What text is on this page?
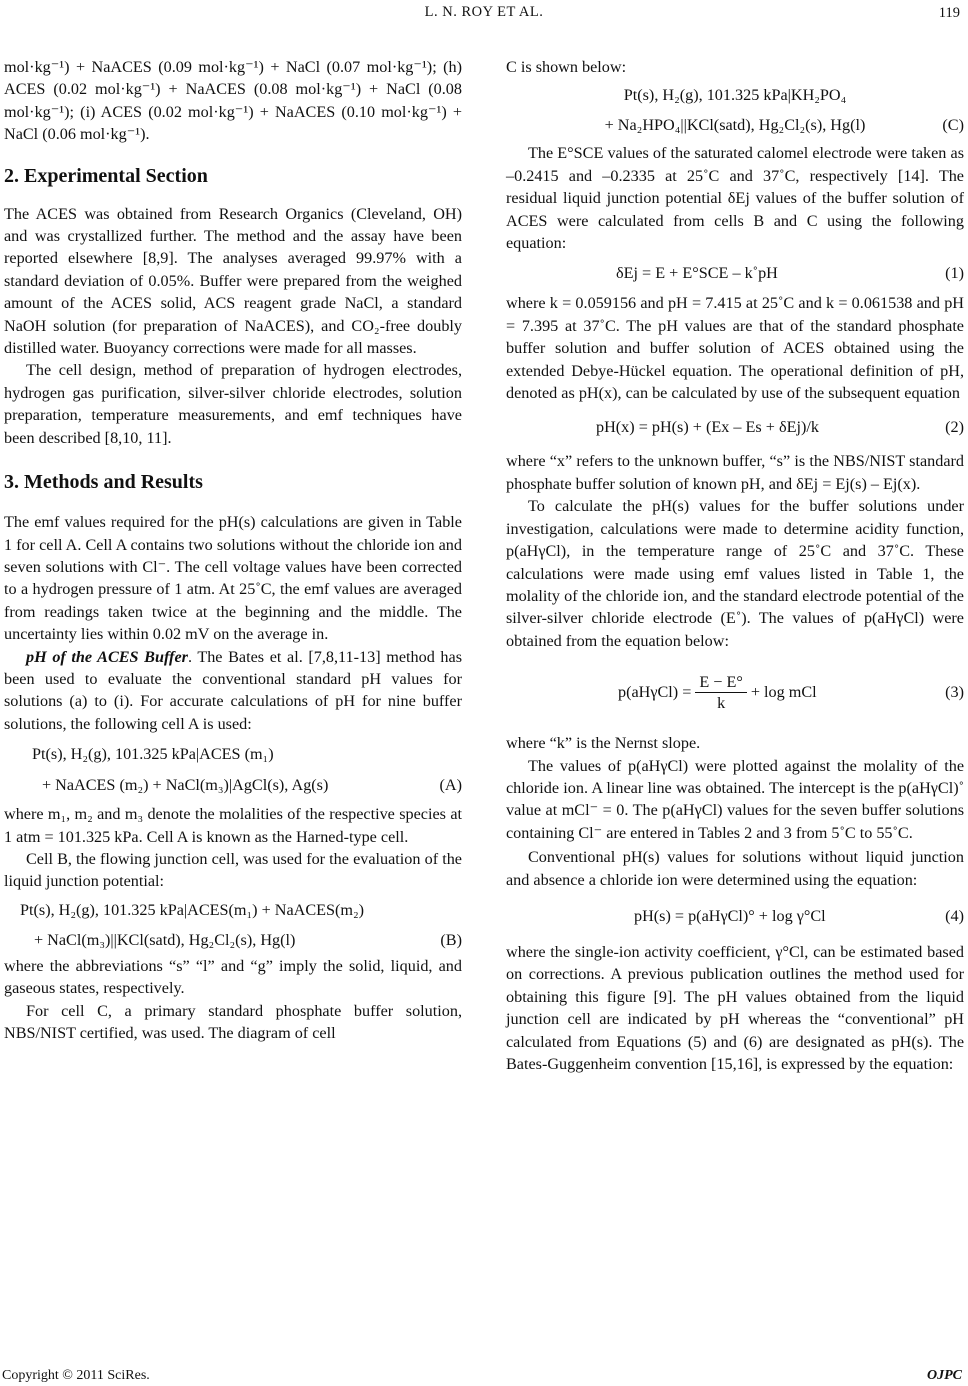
L. N. ROY ET AL.	119

mol·kg⁻¹) + NaACES (0.09 mol·kg⁻¹) + NaCl (0.07 mol·kg⁻¹); (h) ACES (0.02 mol·kg⁻¹) + NaACES (0.08 mol·kg⁻¹) + NaCl (0.08 mol·kg⁻¹); (i) ACES (0.02 mol·kg⁻¹) + NaACES (0.10 mol·kg⁻¹) + NaCl (0.06 mol·kg⁻¹).

2. Experimental Section

The ACES was obtained from Research Organics (Cleveland, OH) and was crystallized further. The method and the assay have been reported elsewhere [8,9]. The analyses averaged 99.97% with a standard deviation of 0.05%. Buffer were prepared from the weighed amount of the ACES solid, ACS reagent grade NaCl, a standard NaOH solution (for preparation of NaACES), and CO₂-free doubly distilled water. Buoyancy corrections were made for all masses.

The cell design, method of preparation of hydrogen electrodes, hydrogen gas purification, silver-silver chloride electrodes, solution preparation, temperature measurements, and emf techniques have been described [8,10, 11].

3. Methods and Results

The emf values required for the pH(s) calculations are given in Table 1 for cell A. Cell A contains two solutions without the chloride ion and seven solutions with Cl⁻. The cell voltage values have been corrected to a hydrogen pressure of 1 atm. At 25˚C, the emf values are averaged from readings taken twice at the beginning and the middle. The uncertainty lies within 0.02 mV on the average in.

pH of the ACES Buffer. The Bates et al. [7,8,11-13] method has been used to evaluate the conventional standard pH values for solutions (a) to (i). For accurate calculations of pH for nine buffer solutions, the following cell A is used:

Pt(s), H₂(g), 101.325 kPa|ACES (m₁)
+ NaACES (m₂) + NaCl(m₃)|AgCl(s), Ag(s)	(A)

where m₁, m₂ and m₃ denote the molalities of the respective species at 1 atm = 101.325 kPa. Cell A is known as the Harned-type cell.

Cell B, the flowing junction cell, was used for the evaluation of the liquid junction potential:

Pt(s), H₂(g), 101.325 kPa|ACES(m₁) + NaACES(m₂)
+ NaCl(m₃)||KCl(satd), Hg₂Cl₂(s), Hg(l)	(B)

where the abbreviations “s” “l” and “g” imply the solid, liquid, and gaseous states, respectively.

For cell C, a primary standard phosphate buffer solution, NBS/NIST certified, was used. The diagram of cell

C is shown below:

Pt(s), H₂(g), 101.325 kPa|KH₂PO₄
+ Na₂HPO₄||KCl(satd), Hg₂Cl₂(s), Hg(l)	(C)

The E°SCE values of the saturated calomel electrode were taken as –0.2415 and –0.2335 at 25˚C and 37˚C, respectively [14]. The residual liquid junction potential δEj values of the buffer solution of ACES were calculated from cells B and C using the following equation:

δEj = E + E°SCE – k˚pH	(1)

where k = 0.059156 and pH = 7.415 at 25˚C and k = 0.061538 and pH = 7.395 at 37˚C. The pH values are that of the standard phosphate buffer solution and buffer solution of ACES obtained using the extended Debye-Hückel equation. The operational definition of pH, denoted as pH(x), can be calculated by use of the subsequent equation

pH(x) = pH(s) + (Ex – Es + δEj)/k	(2)

where “x” refers to the unknown buffer, “s” is the NBS/NIST standard phosphate buffer solution of known pH, and δEj = Ej(s) – Ej(x).

To calculate the pH(s) values for the buffer solutions under investigation, calculations were made to determine acidity function, p(aHγCl), in the temperature range of 25˚C and 37˚C. These calculations were made using emf values listed in Table 1, the molality of the chloride ion, and the standard electrode potential of the silver-silver chloride electrode (E˚). The values of p(aHγCl) were obtained from the equation below:

$p(aH\gamma Cl) = \frac{E - E^\circ}{k} + \log$ mCl	(3)

where “k” is the Nernst slope.

The values of p(aHγCl) were plotted against the molality of the chloride ion. A linear line was obtained. The intercept is the p(aHγCl)˚ value at mCl⁻ = 0. The p(aHγCl) values for the seven buffer solutions containing Cl⁻ are entered in Tables 2 and 3 from 5˚C to 55˚C.

Conventional pH(s) values for solutions without liquid junction and absence a chloride ion were determined using the equation:

pH(s) = p(aHγCl)° + log γ°Cl	(4)

where the single-ion activity coefficient, γ°Cl, can be estimated based on corrections. A previous publication outlines the method used for obtaining this figure [9]. The pH values obtained from the liquid junction cell are indicated by pH whereas the “conventional” pH calculated from Equations (5) and (6) are designated as pH(s). The Bates-Guggenheim convention [15,16], is expressed by the equation:

Copyright © 2011 SciRes.	OJPC
